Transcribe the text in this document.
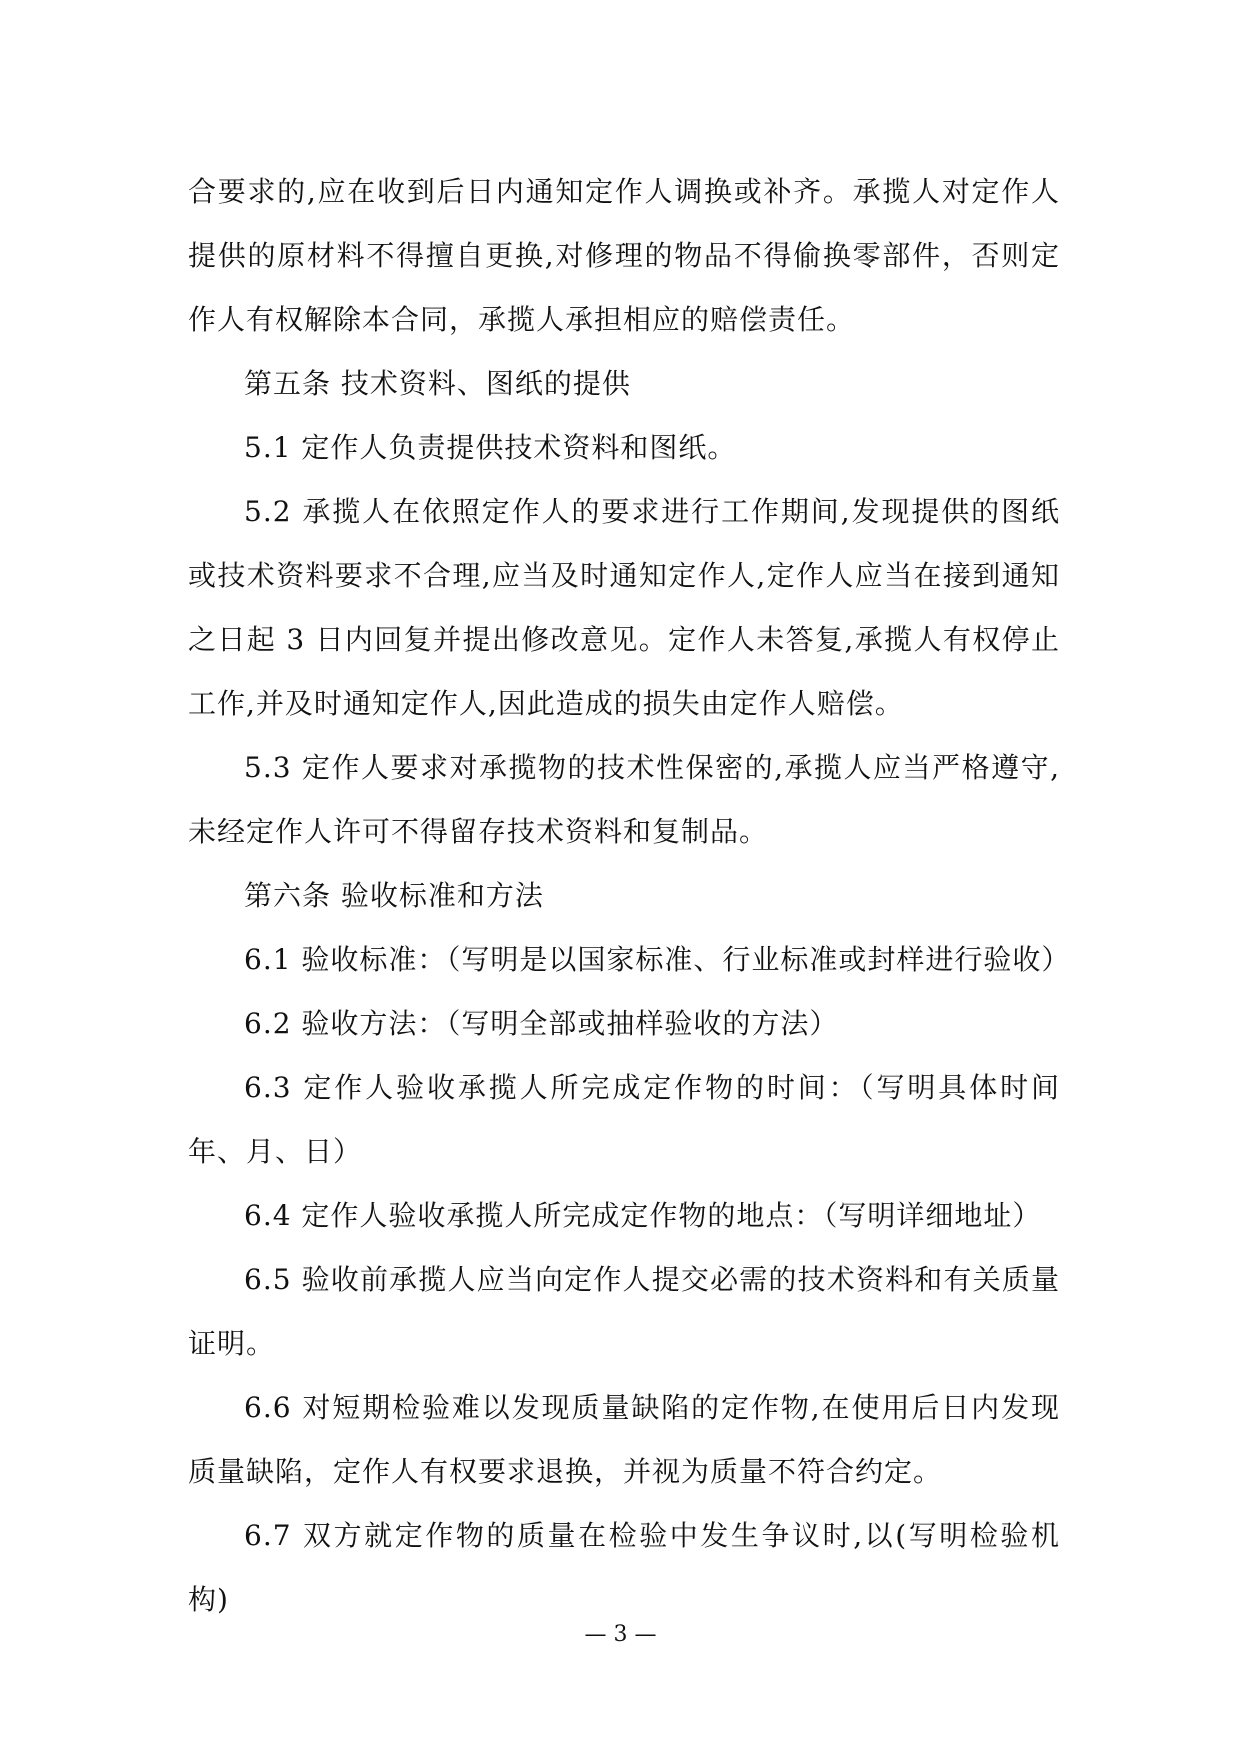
合要求的,应在收到后日内通知定作人调换或补齐。承揽人对定作人提供的原材料不得擅自更换,对修理的物品不得偷换零部件，否则定作人有权解除本合同，承揽人承担相应的赔偿责任。

第五条 技术资料、图纸的提供

5.1 定作人负责提供技术资料和图纸。

5.2 承揽人在依照定作人的要求进行工作期间,发现提供的图纸或技术资料要求不合理,应当及时通知定作人,定作人应当在接到通知之日起 3 日内回复并提出修改意见。定作人未答复,承揽人有权停止工作,并及时通知定作人,因此造成的损失由定作人赔偿。

5.3 定作人要求对承揽物的技术性保密的,承揽人应当严格遵守,未经定作人许可不得留存技术资料和复制品。

第六条 验收标准和方法

6.1 验收标准：（写明是以国家标准、行业标准或封样进行验收）

6.2 验收方法：（写明全部或抽样验收的方法）

6.3 定作人验收承揽人所完成定作物的时间：（写明具体时间年、月、日）

6.4 定作人验收承揽人所完成定作物的地点：（写明详细地址）

6.5 验收前承揽人应当向定作人提交必需的技术资料和有关质量证明。

6.6 对短期检验难以发现质量缺陷的定作物,在使用后日内发现质量缺陷，定作人有权要求退换，并视为质量不符合约定。

6.7 双方就定作物的质量在检验中发生争议时,以(写明检验机构)

— 3 —
